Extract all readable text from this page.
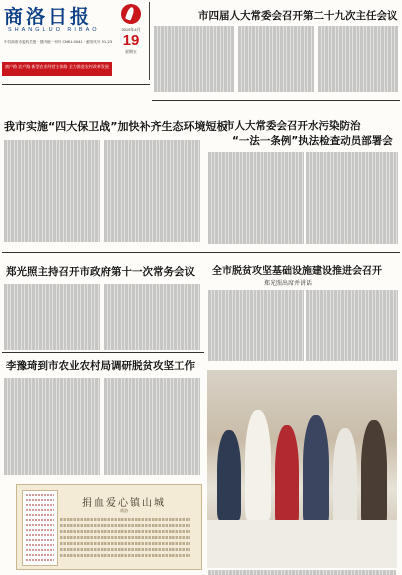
商洛日报
SHANGLUO RIBAO	2019年4月
19
星期五
中共商洛市委机关报 · 国内统一刊号 CN61-0041 · 邮发代号 51-23
商户路 农户路 新型农业经营主体路 全力推进农村改革发展
市四届人大常委会召开第二十九次主任会议
我市实施“四大保卫战”加快补齐生态环境短板
市人大常委会召开水污染防治
“一法一条例”执法检查动员部署会
郑光照主持召开市政府第十一次常务会议 全市脱贫攻坚基础设施建设推进会召开
郑光照出席并讲话
李豫琦到市农业农村局调研脱贫攻坚工作
捐血爱心镇山城
商洛
